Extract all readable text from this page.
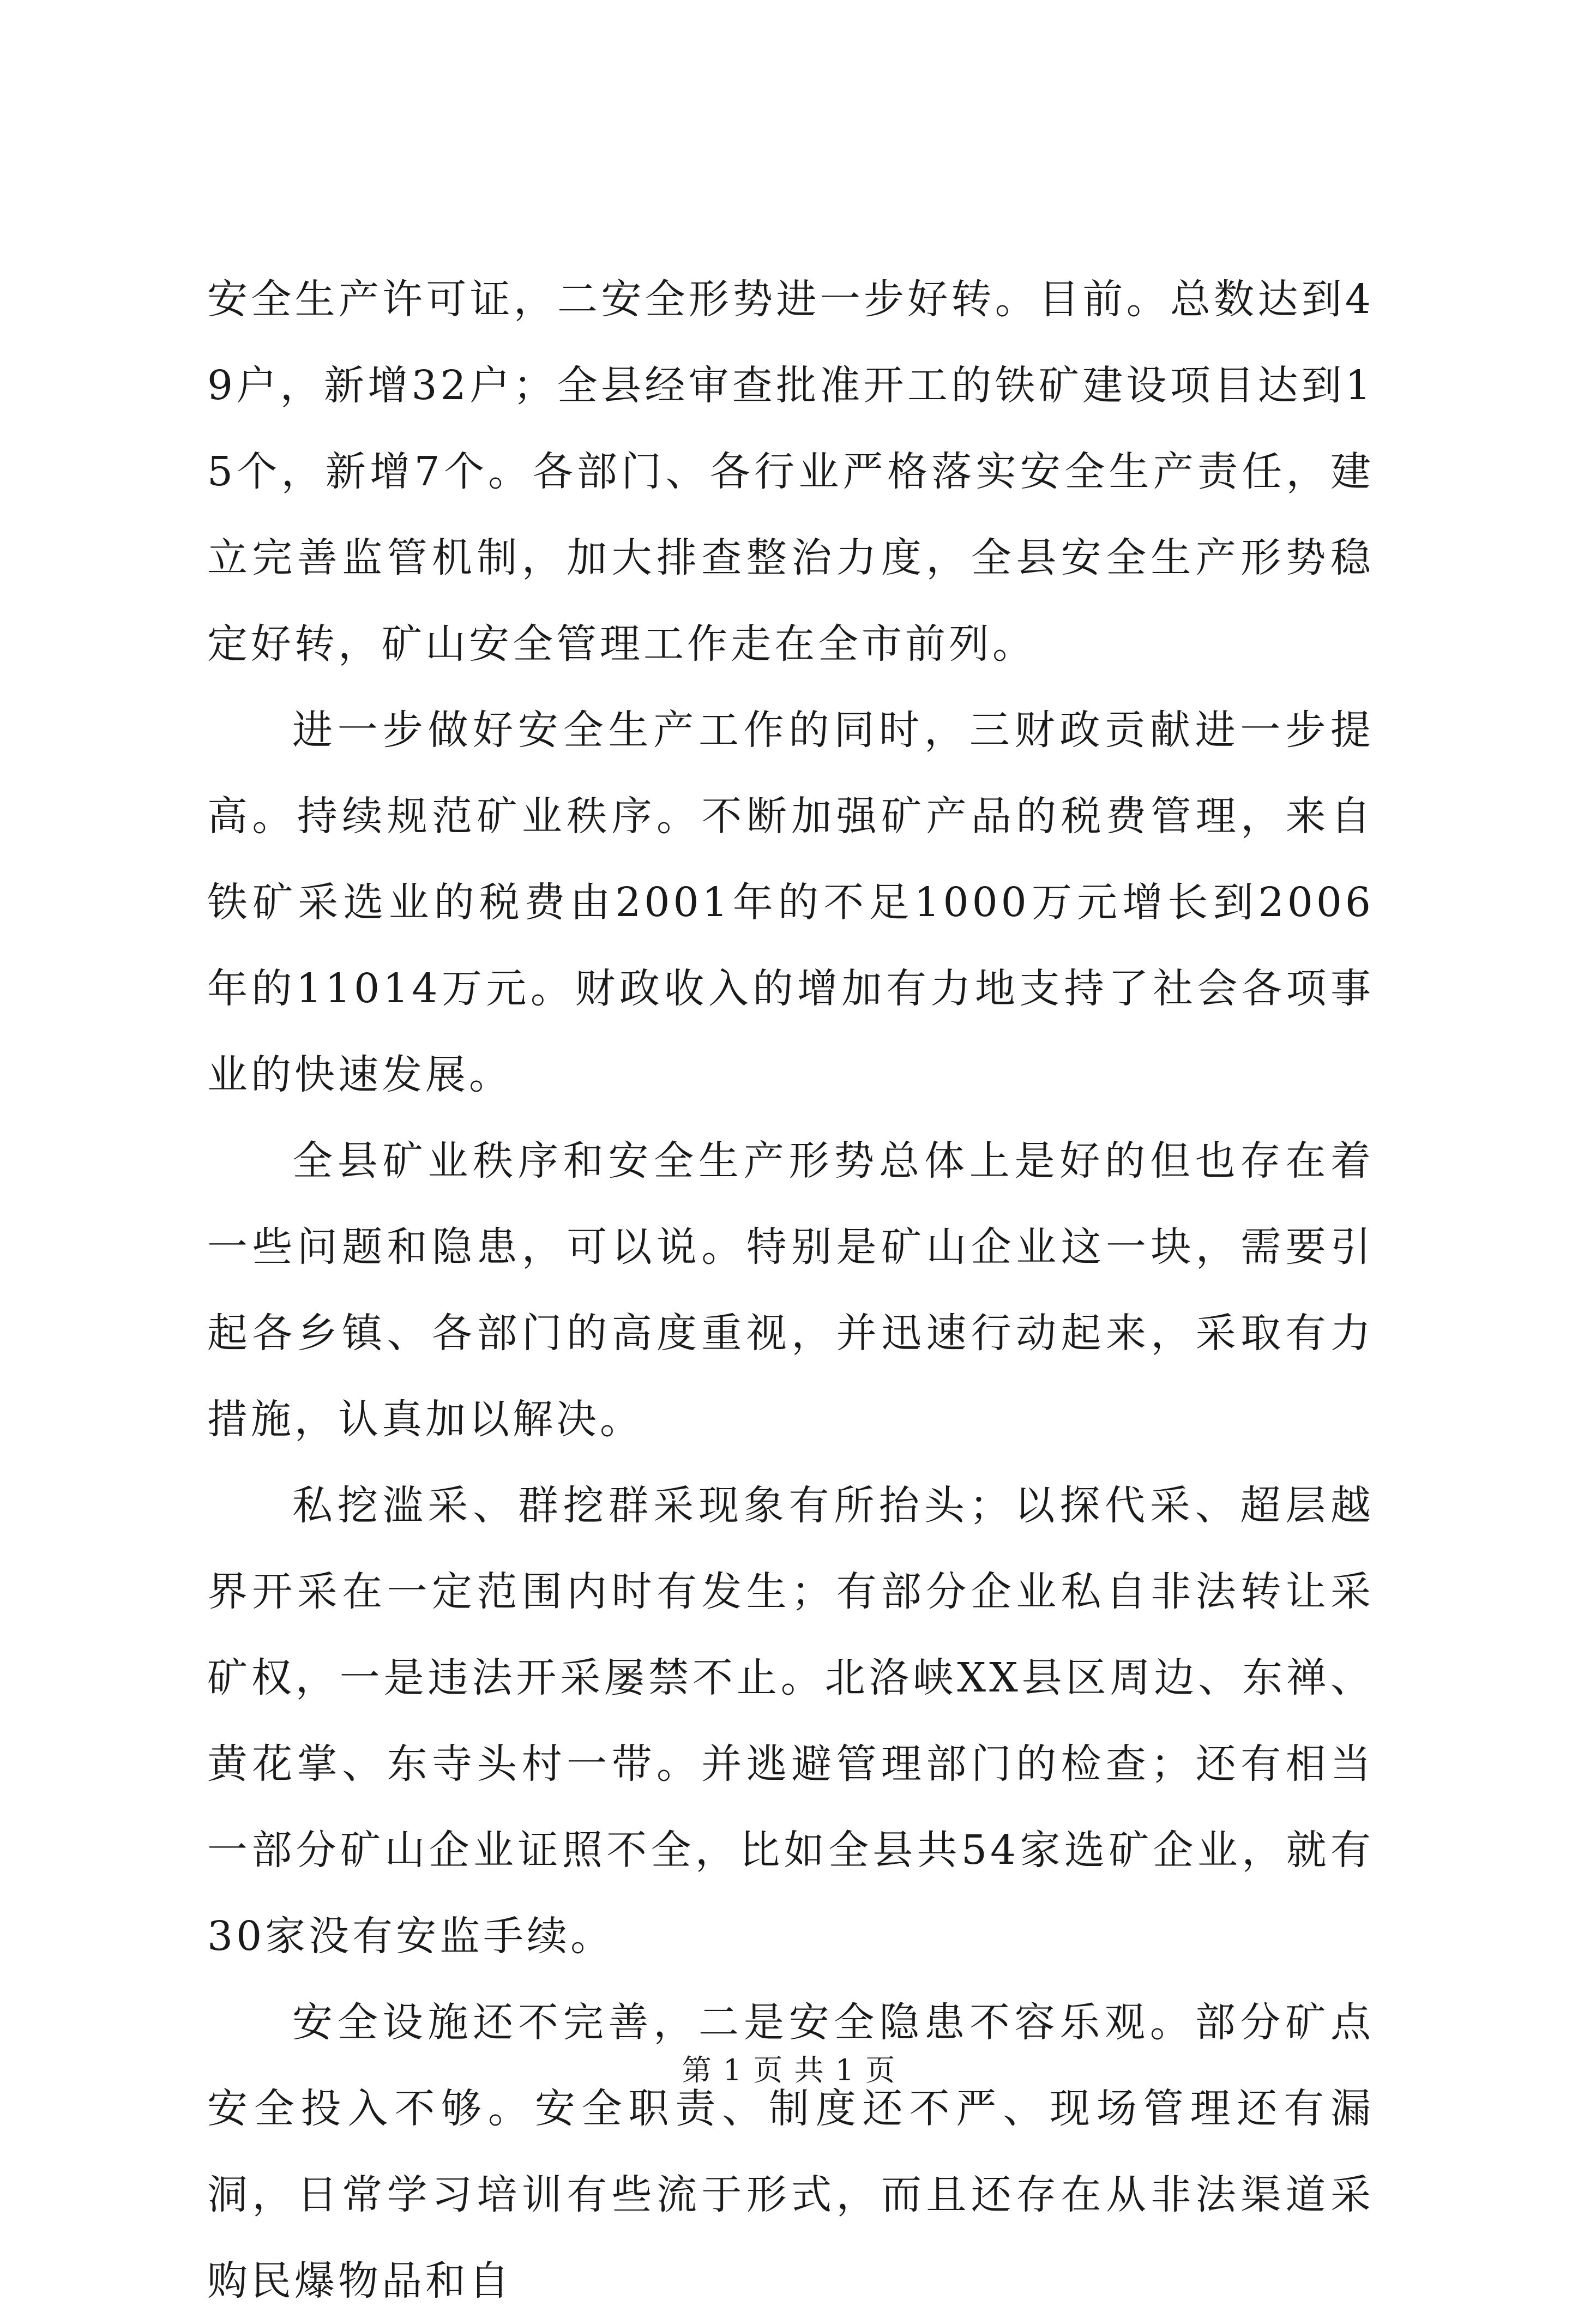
安全生产许可证，二安全形势进一步好转。目前。总数达到49户，新增32户；全县经审查批准开工的铁矿建设项目达到15个，新增7个。各部门、各行业严格落实安全生产责任，建立完善监管机制，加大排查整治力度，全县安全生产形势稳定好转，矿山安全管理工作走在全市前列。

进一步做好安全生产工作的同时，三财政贡献进一步提高。持续规范矿业秩序。不断加强矿产品的税费管理，来自铁矿采选业的税费由2001年的不足1000万元增长到2006年的11014万元。财政收入的增加有力地支持了社会各项事业的快速发展。

全县矿业秩序和安全生产形势总体上是好的但也存在着一些问题和隐患，可以说。特别是矿山企业这一块，需要引起各乡镇、各部门的高度重视，并迅速行动起来，采取有力措施，认真加以解决。

私挖滥采、群挖群采现象有所抬头；以探代采、超层越界开采在一定范围内时有发生；有部分企业私自非法转让采矿权，一是违法开采屡禁不止。北洛峡XX县区周边、东禅、黄花掌、东寺头村一带。并逃避管理部门的检查；还有相当一部分矿山企业证照不全，比如全县共54家选矿企业，就有30家没有安监手续。

安全设施还不完善，二是安全隐患不容乐观。部分矿点安全投入不够。安全职责、制度还不严、现场管理还有漏洞，日常学习培训有些流于形式，而且还存在从非法渠道采购民爆物品和自

第 1 页 共 1 页
